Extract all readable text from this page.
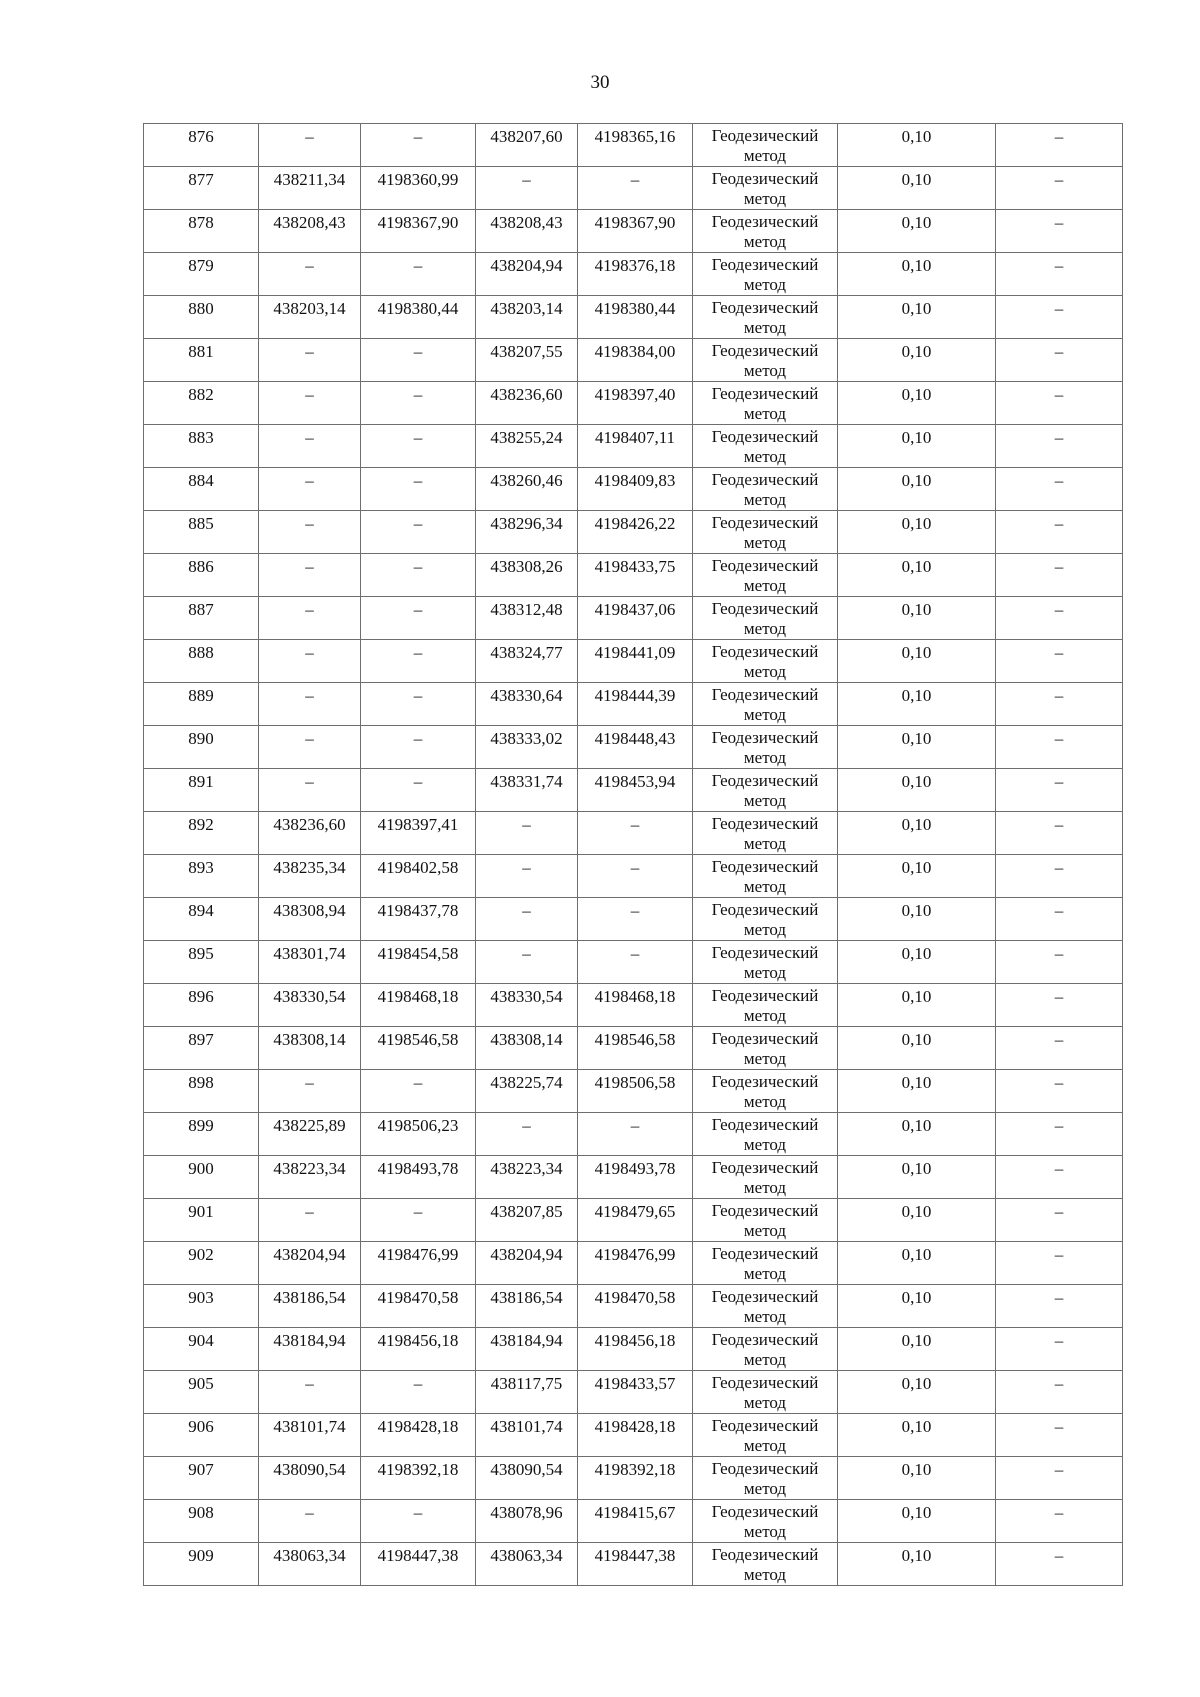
30
876	–	–	438207,60	4198365,16	Геодезический метод	0,10	–
877	438211,34	4198360,99	–	–	Геодезический метод	0,10	–
878	438208,43	4198367,90	438208,43	4198367,90	Геодезический метод	0,10	–
879	–	–	438204,94	4198376,18	Геодезический метод	0,10	–
880	438203,14	4198380,44	438203,14	4198380,44	Геодезический метод	0,10	–
881	–	–	438207,55	4198384,00	Геодезический метод	0,10	–
882	–	–	438236,60	4198397,40	Геодезический метод	0,10	–
883	–	–	438255,24	4198407,11	Геодезический метод	0,10	–
884	–	–	438260,46	4198409,83	Геодезический метод	0,10	–
885	–	–	438296,34	4198426,22	Геодезический метод	0,10	–
886	–	–	438308,26	4198433,75	Геодезический метод	0,10	–
887	–	–	438312,48	4198437,06	Геодезический метод	0,10	–
888	–	–	438324,77	4198441,09	Геодезический метод	0,10	–
889	–	–	438330,64	4198444,39	Геодезический метод	0,10	–
890	–	–	438333,02	4198448,43	Геодезический метод	0,10	–
891	–	–	438331,74	4198453,94	Геодезический метод	0,10	–
892	438236,60	4198397,41	–	–	Геодезический метод	0,10	–
893	438235,34	4198402,58	–	–	Геодезический метод	0,10	–
894	438308,94	4198437,78	–	–	Геодезический метод	0,10	–
895	438301,74	4198454,58	–	–	Геодезический метод	0,10	–
896	438330,54	4198468,18	438330,54	4198468,18	Геодезический метод	0,10	–
897	438308,14	4198546,58	438308,14	4198546,58	Геодезический метод	0,10	–
898	–	–	438225,74	4198506,58	Геодезический метод	0,10	–
899	438225,89	4198506,23	–	–	Геодезический метод	0,10	–
900	438223,34	4198493,78	438223,34	4198493,78	Геодезический метод	0,10	–
901	–	–	438207,85	4198479,65	Геодезический метод	0,10	–
902	438204,94	4198476,99	438204,94	4198476,99	Геодезический метод	0,10	–
903	438186,54	4198470,58	438186,54	4198470,58	Геодезический метод	0,10	–
904	438184,94	4198456,18	438184,94	4198456,18	Геодезический метод	0,10	–
905	–	–	438117,75	4198433,57	Геодезический метод	0,10	–
906	438101,74	4198428,18	438101,74	4198428,18	Геодезический метод	0,10	–
907	438090,54	4198392,18	438090,54	4198392,18	Геодезический метод	0,10	–
908	–	–	438078,96	4198415,67	Геодезический метод	0,10	–
909	438063,34	4198447,38	438063,34	4198447,38	Геодезический метод	0,10	–
